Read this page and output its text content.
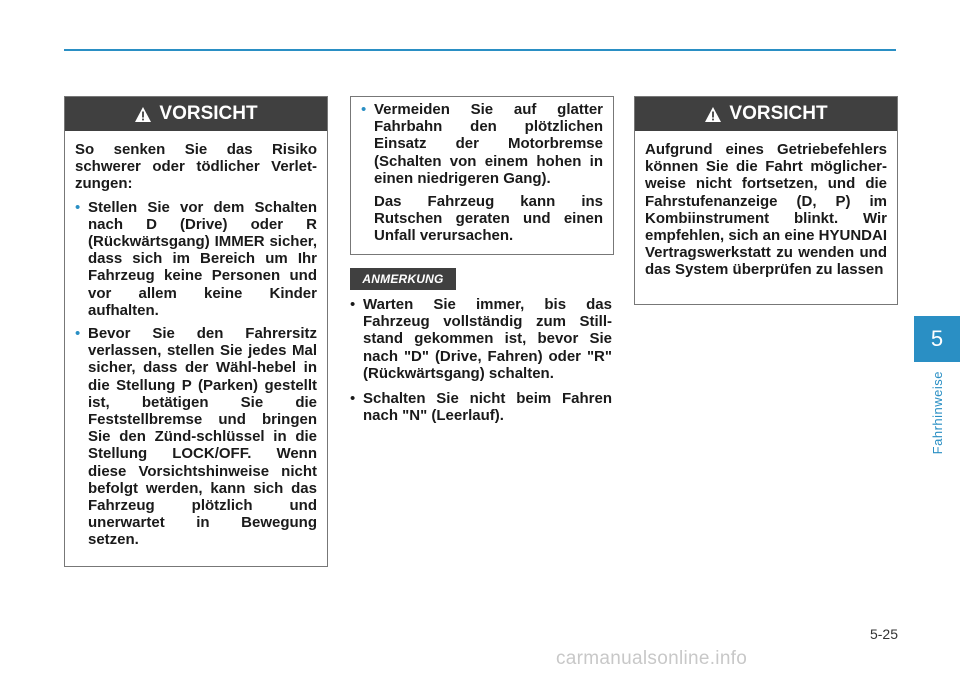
VORSICHT

So senken Sie das Risiko schwerer oder tödlicher Verlet-zungen:

• Stellen Sie vor dem Schalten nach D (Drive) oder R (Rückwärtsgang) IMMER sicher, dass sich im Bereich um Ihr Fahrzeug keine Personen und vor allem keine Kinder aufhalten.

• Bevor Sie den Fahrersitz verlassen, stellen Sie jedes Mal sicher, dass der Wähl-hebel in die Stellung P (Parken) gestellt ist, betätigen Sie die Feststellbremse und bringen Sie den Zünd-schlüssel in die Stellung LOCK/OFF. Wenn diese Vorsichtshinweise nicht befolgt werden, kann sich das Fahrzeug plötzlich und unerwartet in Bewegung setzen.

• Vermeiden Sie auf glatter Fahrbahn den plötzlichen Einsatz der Motorbremse (Schalten von einem hohen in einen niedrigeren Gang).

Das Fahrzeug kann ins Rutschen geraten und einen Unfall verursachen.

ANMERKUNG
• Warten Sie immer, bis das Fahrzeug vollständig zum Still-stand gekommen ist, bevor Sie nach "D" (Drive, Fahren) oder "R" (Rückwärtsgang) schalten.

• Schalten Sie nicht beim Fahren nach "N" (Leerlauf).

VORSICHT

Aufgrund eines Getriebefehlers können Sie die Fahrt möglicher-weise nicht fortsetzen, und die Fahrstufenanzeige (D, P) im Kombiinstrument blinkt. Wir empfehlen, sich an eine HYUNDAI Vertragswerkstatt zu wenden und das System überprüfen zu lassen

5
Fahrhinweise
5-25
carmanualsonline.info
